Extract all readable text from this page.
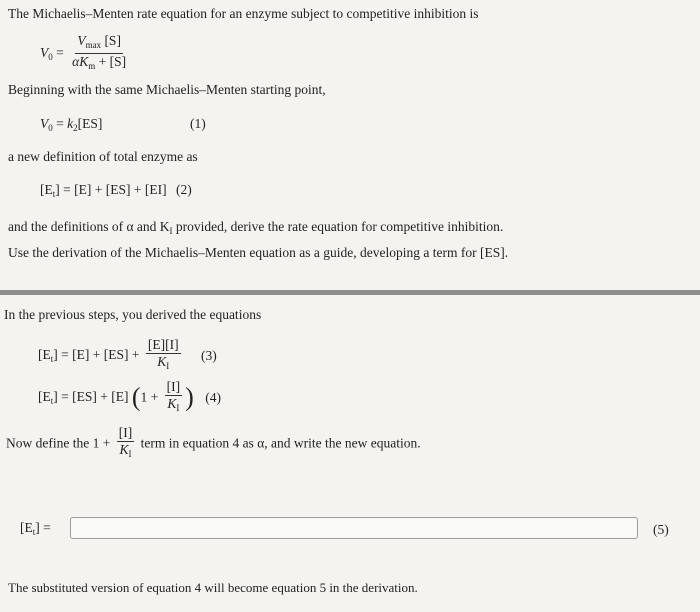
The Michaelis–Menten rate equation for an enzyme subject to competitive inhibition is
$V_0 = \frac{V_{max} [S]}{\alpha K_m + [S]}$
Beginning with the same Michaelis–Menten starting point,
$V_0 = k_2[ES]$	(1)
a new definition of total enzyme as
$[E_t] = [E] + [ES] + [EI]$ (2)
and the definitions of α and $K_I$ provided, derive the rate equation for competitive inhibition.
Use the derivation of the Michaelis–Menten equation as a guide, developing a term for [ES].
In the previous steps, you derived the equations
$[E_t] = [E] + [ES] + \frac{[E][I]}{K_I} (3)$
$[E_t] = [ES] + [E] (1 + \frac{[I]}{K_I}$ ) (4)
Now define the $1 + \frac{[I]}{K_I}$ term in equation 4 as α, and write the new equation.
$[E_t]$ =	(5)
The substituted version of equation 4 will become equation 5 in the derivation.
